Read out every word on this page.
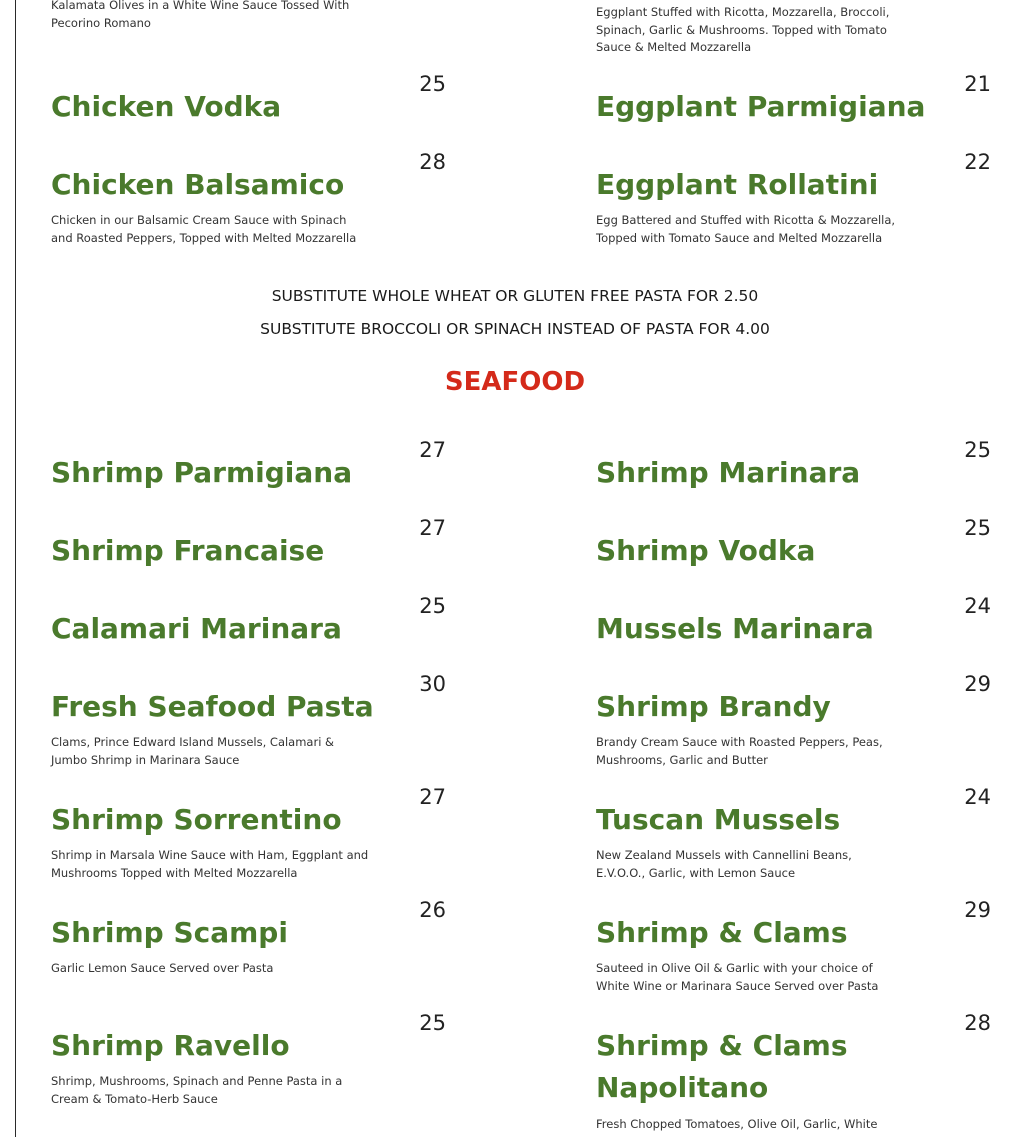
Kalamata Olives in a White Wine Sauce Tossed With Pecorino Romano

Eggplant Stuffed with Ricotta, Mozzarella, Broccoli, Spinach, Garlic & Mushrooms. Topped with Tomato Sauce & Melted Mozzarella

Chicken Vodka
25
Chicken Balsamico
28

Chicken in our Balsamic Cream Sauce with Spinach and Roasted Peppers, Topped with Melted Mozzarella

Eggplant Parmigiana
21
Eggplant Rollatini
22

Egg Battered and Stuffed with Ricotta & Mozzarella, Topped with Tomato Sauce and Melted Mozzarella

SUBSTITUTE WHOLE WHEAT OR GLUTEN FREE PASTA FOR 2.50

SUBSTITUTE BROCCOLI OR SPINACH INSTEAD OF PASTA FOR 4.00

SEAFOOD
Shrimp Parmigiana
27
Shrimp Francaise
27
Calamari Marinara
25
Fresh Seafood Pasta
30

Clams, Prince Edward Island Mussels, Calamari & Jumbo Shrimp in Marinara Sauce

Shrimp Sorrentino
27

Shrimp in Marsala Wine Sauce with Ham, Eggplant and Mushrooms Topped with Melted Mozzarella

Shrimp Scampi
26

Garlic Lemon Sauce Served over Pasta

Shrimp Ravello
25

Shrimp, Mushrooms, Spinach and Penne Pasta in a Cream & Tomato-Herb Sauce

Shrimp Marinara
25
Shrimp Vodka
25
Mussels Marinara
24
Shrimp Brandy
29

Brandy Cream Sauce with Roasted Peppers, Peas, Mushrooms, Garlic and Butter

Tuscan Mussels
24

New Zealand Mussels with Cannellini Beans, E.V.O.O., Garlic, with Lemon Sauce

Shrimp & Clams
29

Sauteed in Olive Oil & Garlic with your choice of White Wine or Marinara Sauce Served over Pasta

Shrimp & Clams Napolitano
28

Fresh Chopped Tomatoes, Olive Oil, Garlic, White
